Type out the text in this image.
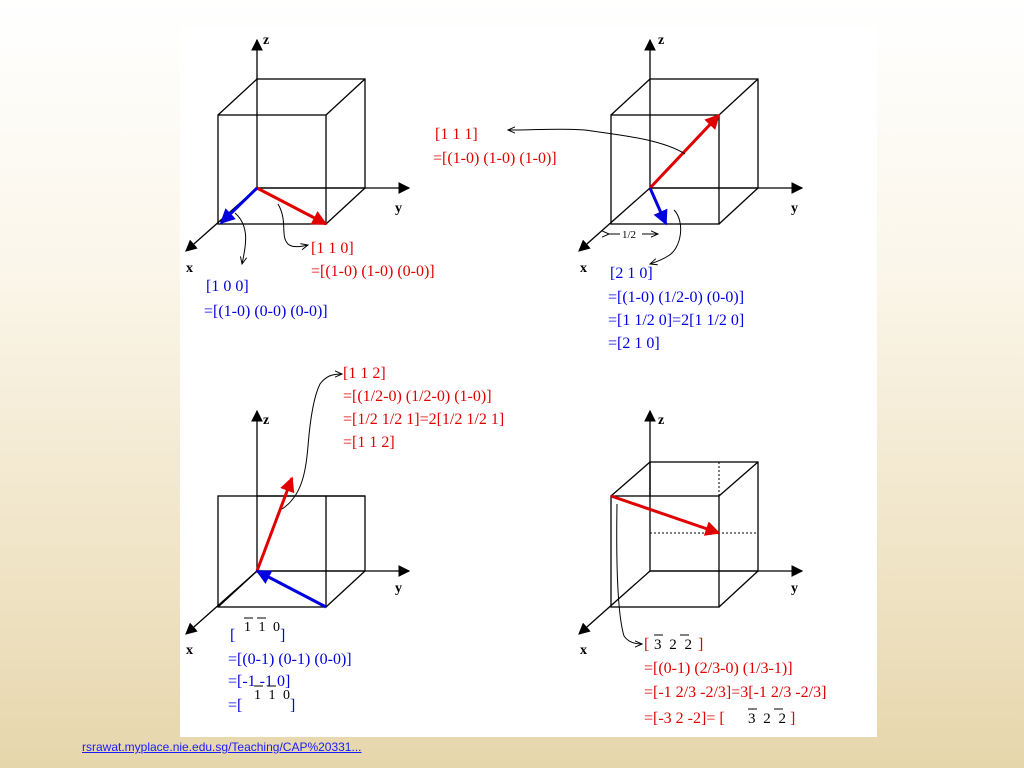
z
y
x
[1 1 0]
=[(1-0) (1-0) (0-0)]
[1 0 0]
=[(1-0) (0-0) (0-0)]
1/2
z
y
x
[1 1 1]
=[(1-0) (1-0) (1-0)]
[2 1 0]
=[(1-0) (1/2-0) (0-0)]
=[1 1/2 0]=2[1 1/2 0]
=[2 1 0]
z
y
x
[1 1 2]
=[(1/2-0) (1/2-0) (1-0)]
=[1/2 1/2 1]=2[1/2 1/2 1]
=[1 1 2]
[ 1 1 0
]
=[(0-1) (0-1) (0-0)]
=[-1 -1 0]
=[
1 1 0
]
z
y
x	[ 3 2 2 ]
=[(0-1) (2/3-0) (1/3-1)]
=[-1 2/3 -2/3]=3[-1 2/3 -2/3]
=[-3 2 -2]= [ 3 2 2 ]
rsrawat.myplace.nie.edu.sg/Teaching/CAP%20331...
